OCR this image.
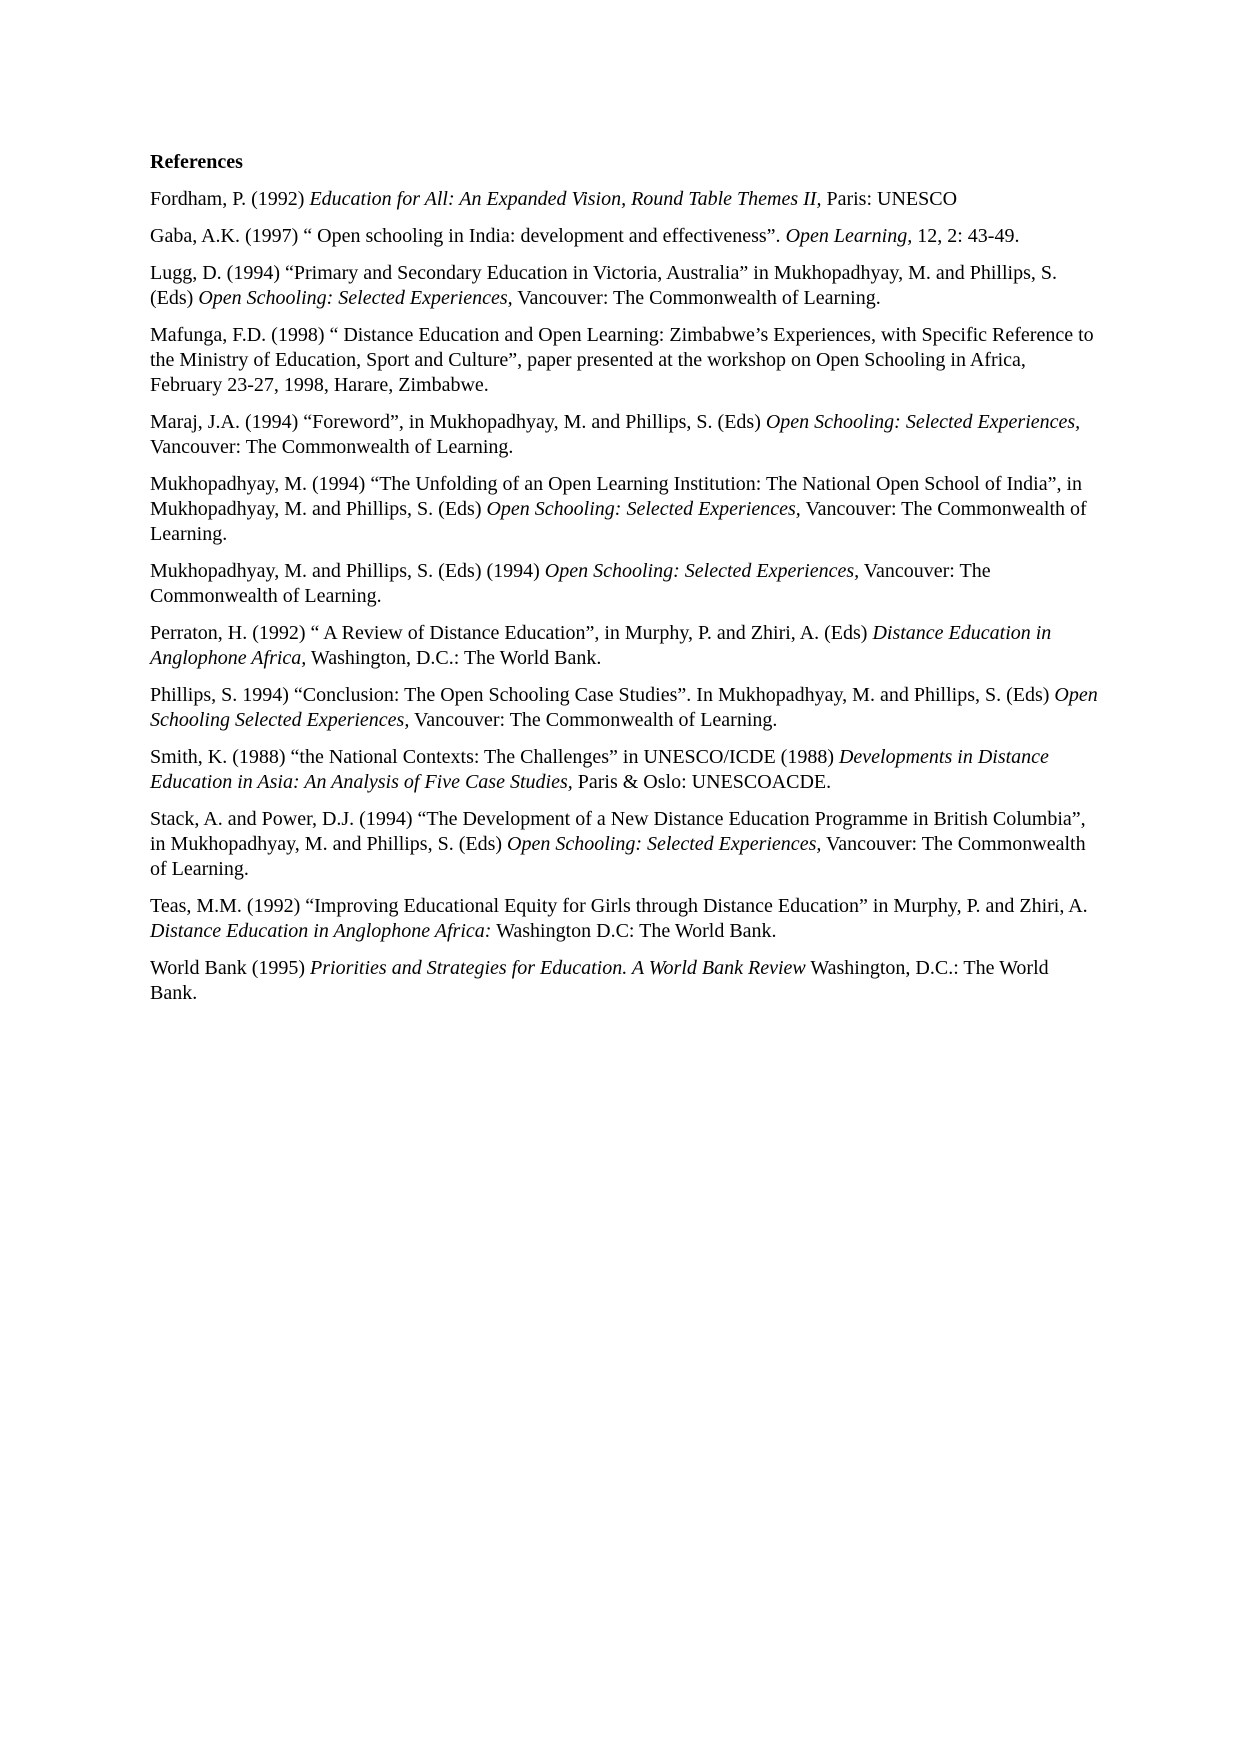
References
Fordham, P. (1992) Education for All: An Expanded Vision, Round Table Themes II, Paris: UNESCO
Gaba, A.K. (1997) “ Open schooling in India: development and effectiveness”. Open Learning, 12, 2: 43-49.
Lugg, D. (1994) “Primary and Secondary Education in Victoria, Australia” in Mukhopadhyay, M. and Phillips, S. (Eds) Open Schooling: Selected Experiences, Vancouver: The Commonwealth of Learning.
Mafunga, F.D. (1998) “ Distance Education and Open Learning: Zimbabwe’s Experiences, with Specific Reference to the Ministry of Education, Sport and Culture”, paper presented at the workshop on Open Schooling in Africa, February 23-27, 1998, Harare, Zimbabwe.
Maraj, J.A. (1994) “Foreword”, in Mukhopadhyay, M. and Phillips, S. (Eds) Open Schooling: Selected Experiences, Vancouver: The Commonwealth of Learning.
Mukhopadhyay, M. (1994) “The Unfolding of an Open Learning Institution: The National Open School of India”, in Mukhopadhyay, M. and Phillips, S. (Eds) Open Schooling: Selected Experiences, Vancouver: The Commonwealth of Learning.
Mukhopadhyay, M. and Phillips, S. (Eds) (1994) Open Schooling: Selected Experiences, Vancouver: The Commonwealth of Learning.
Perraton, H. (1992) “ A Review of Distance Education”, in Murphy, P. and Zhiri, A. (Eds) Distance Education in Anglophone Africa, Washington, D.C.: The World Bank.
Phillips, S. 1994) “Conclusion: The Open Schooling Case Studies”. In Mukhopadhyay, M. and Phillips, S. (Eds) Open Schooling Selected Experiences, Vancouver: The Commonwealth of Learning.
Smith, K. (1988) “the National Contexts: The Challenges” in UNESCO/ICDE (1988) Developments in Distance Education in Asia: An Analysis of Five Case Studies, Paris & Oslo: UNESCOACDE.
Stack, A. and Power, D.J. (1994) “The Development of a New Distance Education Programme in British Columbia”, in Mukhopadhyay, M. and Phillips, S. (Eds) Open Schooling: Selected Experiences, Vancouver: The Commonwealth of Learning.
Teas, M.M. (1992) “Improving Educational Equity for Girls through Distance Education” in Murphy, P. and Zhiri, A. Distance Education in Anglophone Africa: Washington D.C: The World Bank.
World Bank (1995) Priorities and Strategies for Education. A World Bank Review Washington, D.C.: The World Bank.
